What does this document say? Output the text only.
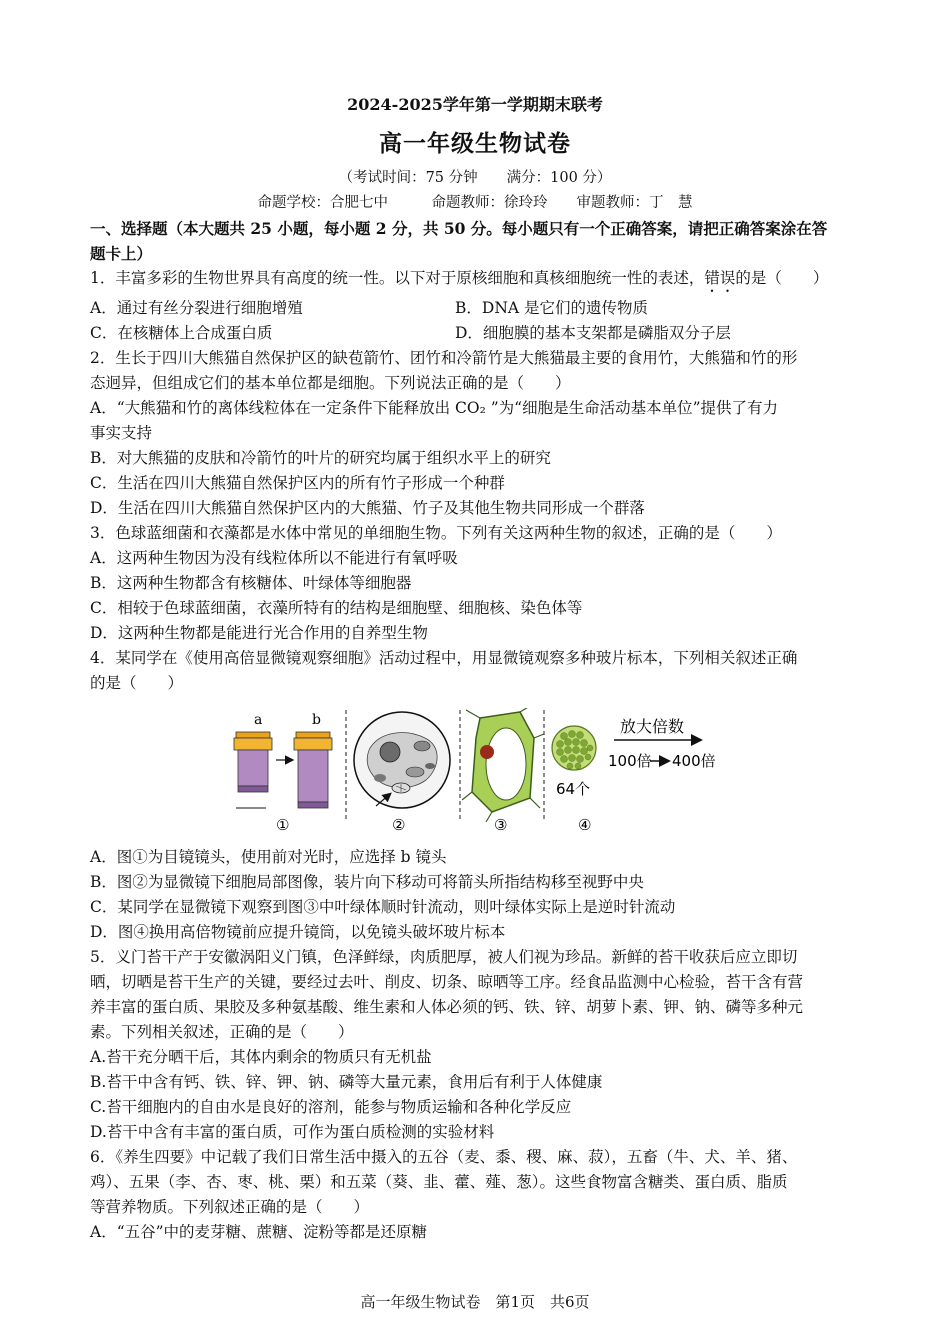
2024-2025学年第一学期期末联考
高一年级生物试卷
（考试时间：75 分钟　　满分：100 分）
命题学校：合肥七中　　　命题教师：徐玲玲　　审题教师：丁　慧
一、选择题（本大题共 25 小题，每小题 2 分，共 50 分。每小题只有一个正确答案，请把正确答案涂在答
题卡上）
1．丰富多彩的生物世界具有高度的统一性。以下对于原核细胞和真核细胞统一性的表述，错误的是（　　）
A．通过有丝分裂进行细胞增殖	B．DNA 是它们的遗传物质
C．在核糖体上合成蛋白质	D．细胞膜的基本支架都是磷脂双分子层
2．生长于四川大熊猫自然保护区的缺苞箭竹、团竹和冷箭竹是大熊猫最主要的食用竹，大熊猫和竹的形
态迥异，但组成它们的基本单位都是细胞。下列说法正确的是（　　）
A．“大熊猫和竹的离体线粒体在一定条件下能释放出 CO₂ ”为“细胞是生命活动基本单位”提供了有力
事实支持
B．对大熊猫的皮肤和冷箭竹的叶片的研究均属于组织水平上的研究
C．生活在四川大熊猫自然保护区内的所有竹子形成一个种群
D．生活在四川大熊猫自然保护区内的大熊猫、竹子及其他生物共同形成一个群落
3．色球蓝细菌和衣藻都是水体中常见的单细胞生物。下列有关这两种生物的叙述，正确的是（　　）
A．这两种生物因为没有线粒体所以不能进行有氧呼吸
B．这两种生物都含有核糖体、叶绿体等细胞器
C．相较于色球蓝细菌，衣藻所特有的结构是细胞壁、细胞核、染色体等
D．这两种生物都是能进行光合作用的自养型生物
4．某同学在《使用高倍显微镜观察细胞》活动过程中，用显微镜观察多种玻片标本，下列相关叙述正确
的是（　　）
a	b
①	②	③
64个
放大倍数
100倍 400倍
④
A．图①为目镜镜头，使用前对光时，应选择 b 镜头
B．图②为显微镜下细胞局部图像，装片向下移动可将箭头所指结构移至视野中央
C．某同学在显微镜下观察到图③中叶绿体顺时针流动，则叶绿体实际上是逆时针流动
D．图④换用高倍物镜前应提升镜筒，以免镜头破坏玻片标本
5．义门苔干产于安徽涡阳义门镇，色泽鲜绿，肉质肥厚，被人们视为珍品。新鲜的苔干收获后应立即切
晒，切晒是苔干生产的关键，要经过去叶、削皮、切条、晾晒等工序。经食品监测中心检验，苔干含有营
养丰富的蛋白质、果胶及多种氨基酸、维生素和人体必须的钙、铁、锌、胡萝卜素、钾、钠、磷等多种元
素。下列相关叙述，正确的是（　　）
A.苔干充分晒干后，其体内剩余的物质只有无机盐
B.苔干中含有钙、铁、锌、钾、钠、磷等大量元素，食用后有利于人体健康
C.苔干细胞内的自由水是良好的溶剂，能参与物质运输和各种化学反应
D.苔干中含有丰富的蛋白质，可作为蛋白质检测的实验材料
6．《养生四要》中记载了我们日常生活中摄入的五谷（麦、黍、稷、麻、菽），五畜（牛、犬、羊、猪、
鸡）、五果（李、杏、枣、桃、栗）和五菜（葵、韭、藿、薤、葱）。这些食物富含糖类、蛋白质、脂质
等营养物质。下列叙述正确的是（　　）
A．“五谷”中的麦芽糖、蔗糖、淀粉等都是还原糖
高一年级生物试卷　第1页　共6页
